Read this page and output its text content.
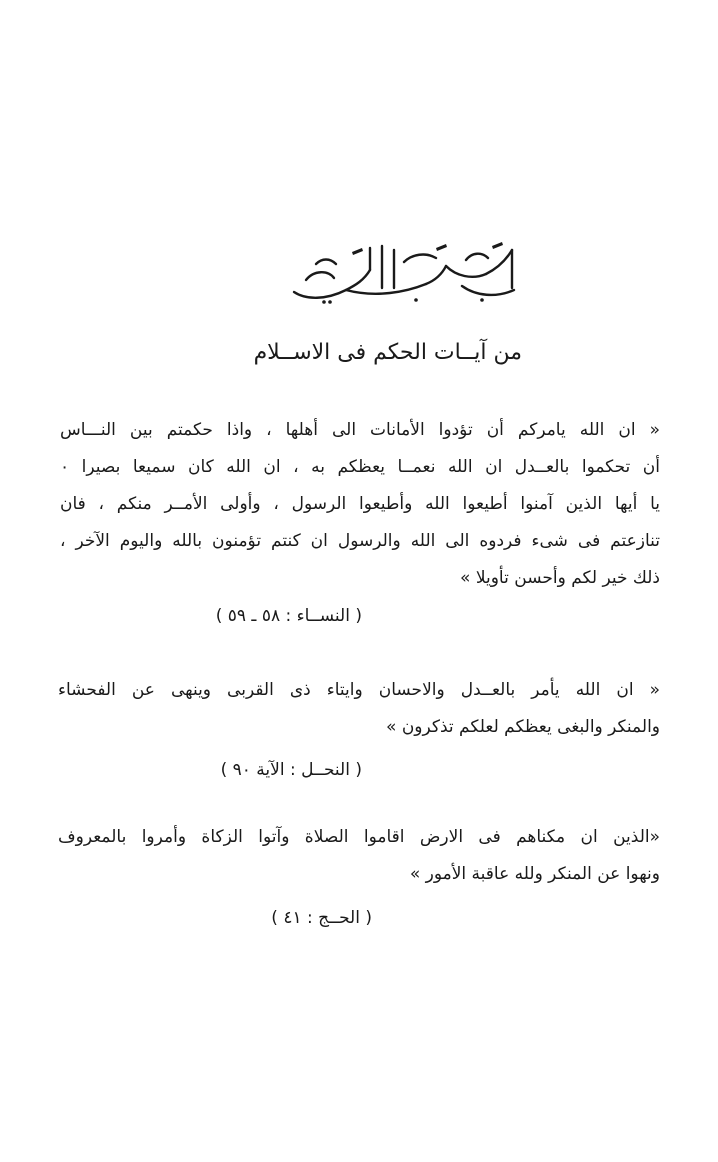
من آيــات الحكم فى الاســلام
« ان الله يامركم أن تؤدوا الأمانات الى أهلها ، واذا حكمتم بين النـــاس
أن تحكموا بالعــدل ان الله نعمــا يعظكم به ، ان الله كان سميعا بصيرا ٠
يا أيها الذين آمنوا أطيعوا الله وأطيعوا الرسول ، وأولى الأمــر منكم ، فان
تنازعتم فى شىء فردوه الى الله والرسول ان كنتم تؤمنون بالله واليوم الآخر ،
ذلك خير لكم وأحسن تأويلا »
( النســاء : ٥٨ ـ ٥٩ )
« ان الله يأمر بالعــدل والاحسان وايتاء ذى القربى وينهى عن الفحشاء
والمنكر والبغى يعظكم لعلكم تذكرون »
( النحــل : الآية ٩٠ )
«الذين ان مكناهم فى الارض اقاموا الصلاة وآتوا الزكاة وأمروا بالمعروف
ونهوا عن المنكر ولله عاقبة الأمور »
( الحــج : ٤١ )
